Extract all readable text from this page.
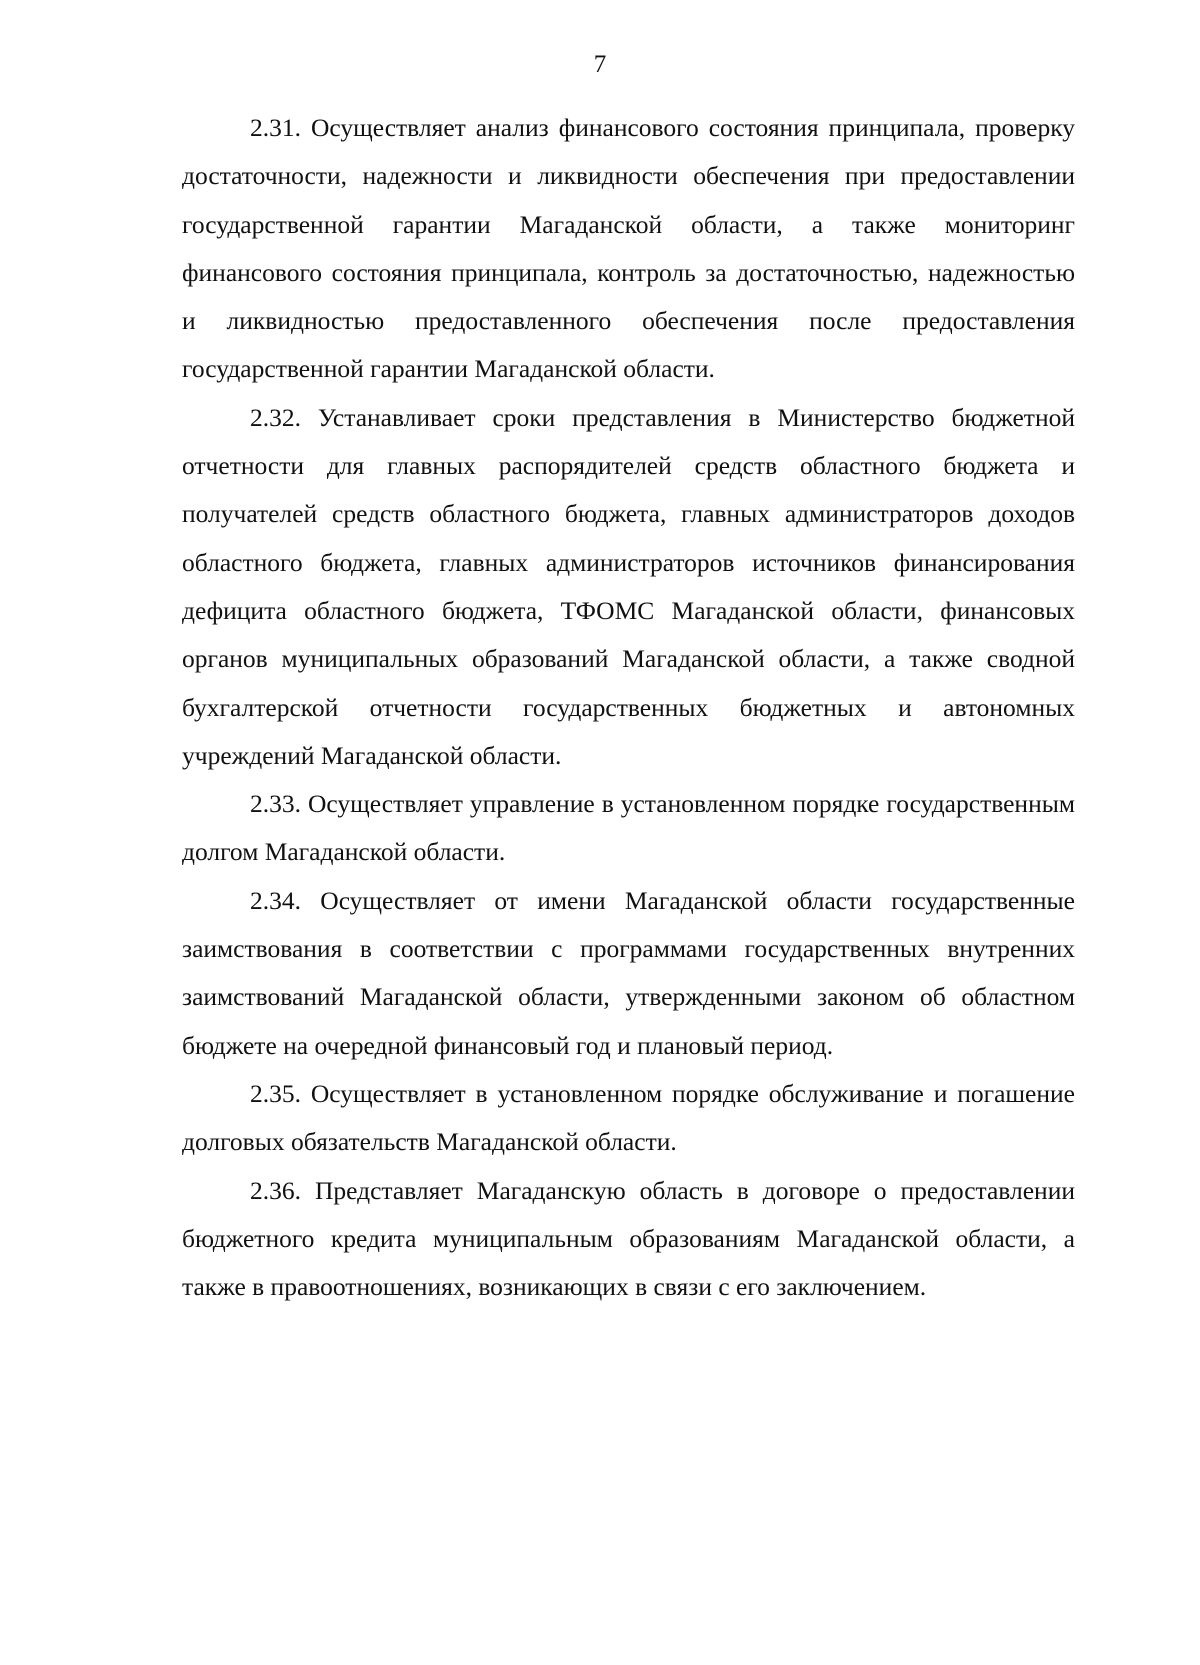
7

2.31. Осуществляет анализ финансового состояния принципала, проверку достаточности, надежности и ликвидности обеспечения при предоставлении государственной гарантии Магаданской области, а также мониторинг финансового состояния принципала, контроль за достаточностью, надежностью и ликвидностью предоставленного обеспечения после предоставления государственной гарантии Магаданской области.

2.32. Устанавливает сроки представления в Министерство бюджетной отчетности для главных распорядителей средств областного бюджета и получателей средств областного бюджета, главных администраторов доходов областного бюджета, главных администраторов источников финансирования дефицита областного бюджета, ТФОМС Магаданской области, финансовых органов муниципальных образований Магаданской области, а также сводной бухгалтерской отчетности государственных бюджетных и автономных учреждений Магаданской области.

2.33. Осуществляет управление в установленном порядке государственным долгом Магаданской области.

2.34. Осуществляет от имени Магаданской области государственные заимствования в соответствии с программами государственных внутренних заимствований Магаданской области, утвержденными законом об областном бюджете на очередной финансовый год и плановый период.

2.35. Осуществляет в установленном порядке обслуживание и погашение долговых обязательств Магаданской области.

2.36. Представляет Магаданскую область в договоре о предоставлении бюджетного кредита муниципальным образованиям Магаданской области, а также в правоотношениях, возникающих в связи с его заключением.
